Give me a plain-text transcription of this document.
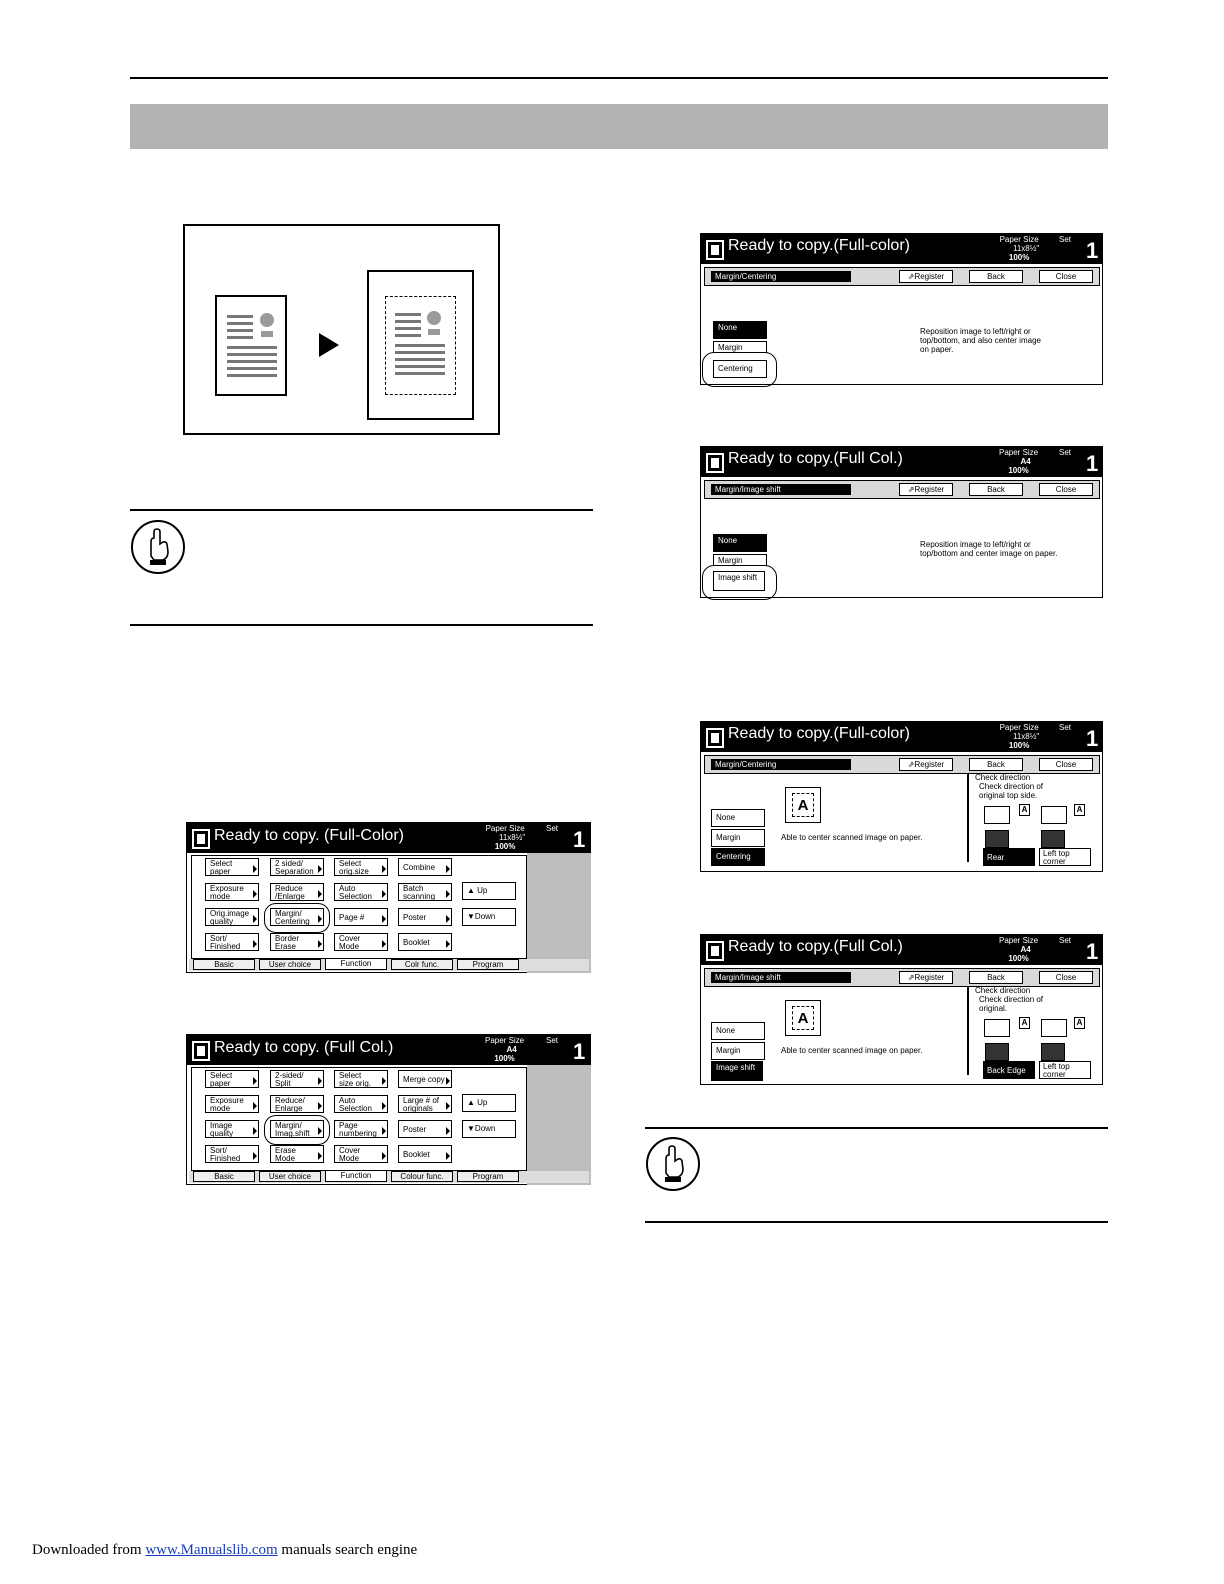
Ready to copy. (Full-Color)	Paper Size
11x8½"
100%
Set 1
Select
paper
2 sided/
Separation
Select
orig.size	Combine
Exposure
mode
Reduce
/Enlarge
Auto
Selection
Batch
scanning
Orig.image
quality
Margin/
Centering	Page #	Poster
Sort/
Finished
Border
Erase
Cover
Mode	Booklet
▲ Up
▼Down
Basic	User choice	Function	Colr func.	Program
Ready to copy. (Full Col.)	Paper Size
A4
100%
Set 1
Select
paper
2-sided/
Split
Select
size orig.	Merge copy
Exposure
mode
Reduce/
Enlarge
Auto
Selection
Large # of
originals
Image
quality
Margin/
Imag.shift
Page
numbering	Poster
Sort/
Finished
Erase
Mode
Cover
Mode	Booklet
▲ Up
▼Down
Basic	User choice	Function	Colour func.	Program
Ready to copy.(Full-color)	Paper Size
11x8½"
100%
Set 1
Margin/Centering	⇗Register	Back	Close
None
Margin
Centering
Reposition image to left/right or
top/bottom, and also center image
on paper.
Ready to copy.(Full Col.)	Paper Size
A4
100%
Set 1
Margin/Image shift	⇗Register	Back	Close
None
Margin
Image shift
Reposition image to left/right or
top/bottom and center image on paper.
Ready to copy.(Full-color)	Paper Size
11x8½"
100%
Set 1
Margin/Centering	⇗Register	Back	Close
None
Margin
Centering
A
Able to center scanned image on paper.
Check direction
Check direction of
original top side.
A	A
Rear	Left top
corner
Ready to copy.(Full Col.)	Paper Size
A4
100%
Set 1
Margin/Image shift	⇗Register	Back	Close
None
Margin
Image shift
A
Able to center scanned image on paper.
Check direction
Check direction of
original.
A	A
Back Edge	Left top
corner
Downloaded from www.Manualslib.com manuals search engine
